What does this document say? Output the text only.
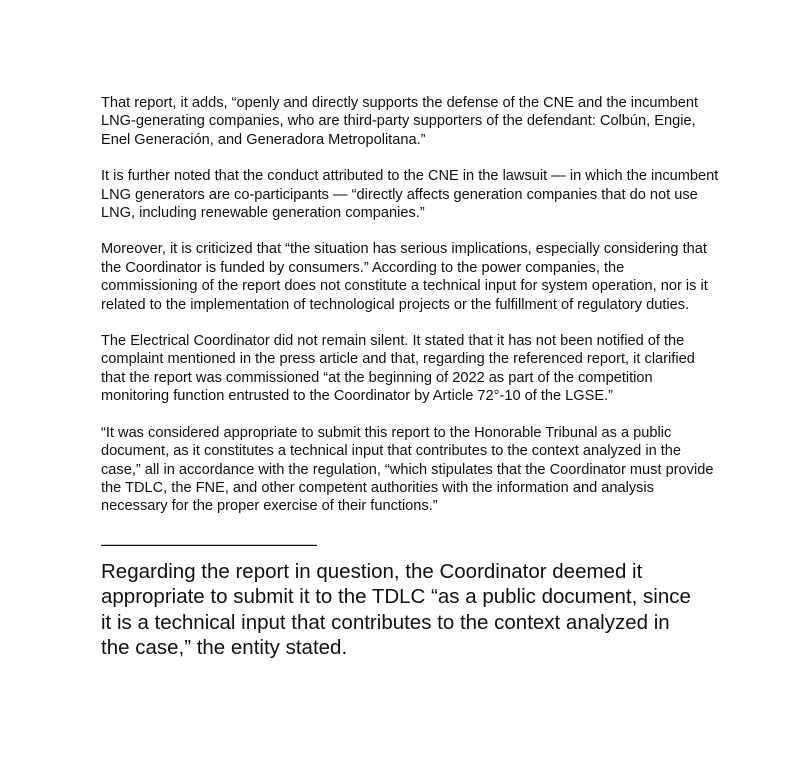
That report, it adds, “openly and directly supports the defense of the CNE and the incumbent LNG-generating companies, who are third-party supporters of the defendant: Colbún, Engie, Enel Generación, and Generadora Metropolitana.”

It is further noted that the conduct attributed to the CNE in the lawsuit — in which the incumbent LNG generators are co-participants — “directly affects generation companies that do not use LNG, including renewable generation companies.”

Moreover, it is criticized that “the situation has serious implications, especially considering that the Coordinator is funded by consumers.” According to the power companies, the commissioning of the report does not constitute a technical input for system operation, nor is it related to the implementation of technological projects or the fulfillment of regulatory duties.

The Electrical Coordinator did not remain silent. It stated that it has not been notified of the complaint mentioned in the press article and that, regarding the referenced report, it clarified that the report was commissioned “at the beginning of 2022 as part of the competition monitoring function entrusted to the Coordinator by Article 72°-10 of the LGSE.”

“It was considered appropriate to submit this report to the Honorable Tribunal as a public document, as it constitutes a technical input that contributes to the context analyzed in the case,” all in accordance with the regulation, “which stipulates that the Coordinator must provide the TDLC, the FNE, and other competent authorities with the information and analysis necessary for the proper exercise of their functions.”

————————————
Regarding the report in question, the Coordinator deemed it appropriate to submit it to the TDLC “as a public document, since it is a technical input that contributes to the context analyzed in the case,” the entity stated.
